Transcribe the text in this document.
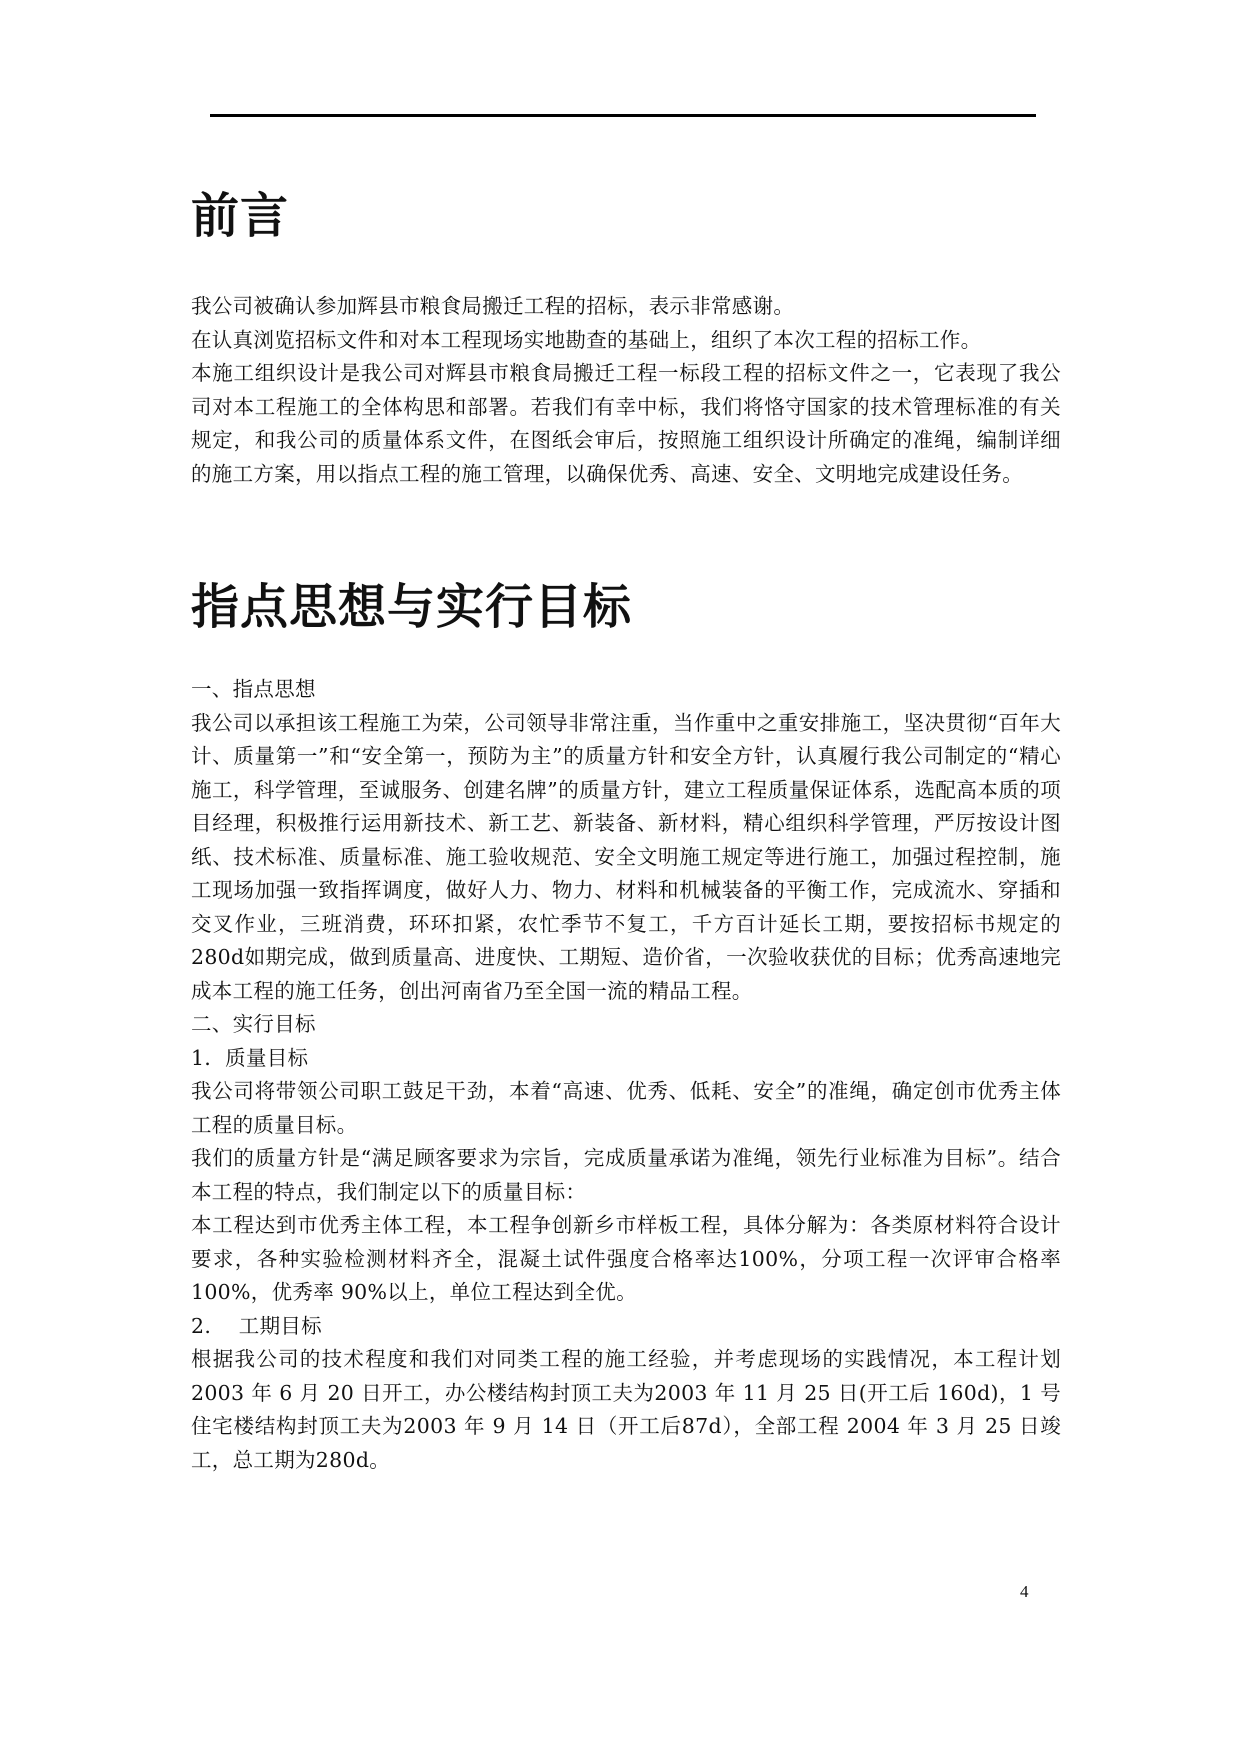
前言

我公司被确认参加辉县市粮食局搬迁工程的招标，表示非常感谢。

在认真浏览招标文件和对本工程现场实地勘查的基础上，组织了本次工程的招标工作。

本施工组织设计是我公司对辉县市粮食局搬迁工程一标段工程的招标文件之一，它表现了我公司对本工程施工的全体构思和部署。若我们有幸中标，我们将恪守国家的技术管理标准的有关规定，和我公司的质量体系文件，在图纸会审后，按照施工组织设计所确定的准绳，编制详细的施工方案，用以指点工程的施工管理，以确保优秀、高速、安全、文明地完成建设任务。

指点思想与实行目标

一、指点思想

我公司以承担该工程施工为荣，公司领导非常注重，当作重中之重安排施工，坚决贯彻“百年大计、质量第一”和“安全第一，预防为主”的质量方针和安全方针，认真履行我公司制定的“精心施工，科学管理，至诚服务、创建名牌”的质量方针，建立工程质量保证体系，选配高本质的项目经理，积极推行运用新技术、新工艺、新装备、新材料，精心组织科学管理，严厉按设计图纸、技术标准、质量标准、施工验收规范、安全文明施工规定等进行施工，加强过程控制，施工现场加强一致指挥调度，做好人力、物力、材料和机械装备的平衡工作，完成流水、穿插和交叉作业，三班消费，环环扣紧，农忙季节不复工，千方百计延长工期，要按招标书规定的280d如期完成，做到质量高、进度快、工期短、造价省，一次验收获优的目标；优秀高速地完成本工程的施工任务，创出河南省乃至全国一流的精品工程。

二、实行目标

1．质量目标

我公司将带领公司职工鼓足干劲，本着“高速、优秀、低耗、安全”的准绳，确定创市优秀主体工程的质量目标。

我们的质量方针是“满足顾客要求为宗旨，完成质量承诺为准绳，领先行业标准为目标”。结合本工程的特点，我们制定以下的质量目标：

本工程达到市优秀主体工程，本工程争创新乡市样板工程，具体分解为：各类原材料符合设计要求，各种实验检测材料齐全，混凝土试件强度合格率达100%，分项工程一次评审合格率100%，优秀率 90%以上，单位工程达到全优。

2.　 工期目标

根据我公司的技术程度和我们对同类工程的施工经验，并考虑现场的实践情况，本工程计划2003 年 6 月 20 日开工，办公楼结构封顶工夫为2003 年 11 月 25 日(开工后 160d)，1 号住宅楼结构封顶工夫为2003 年 9 月 14 日（开工后87d），全部工程 2004 年 3 月 25 日竣工，总工期为280d。

4
